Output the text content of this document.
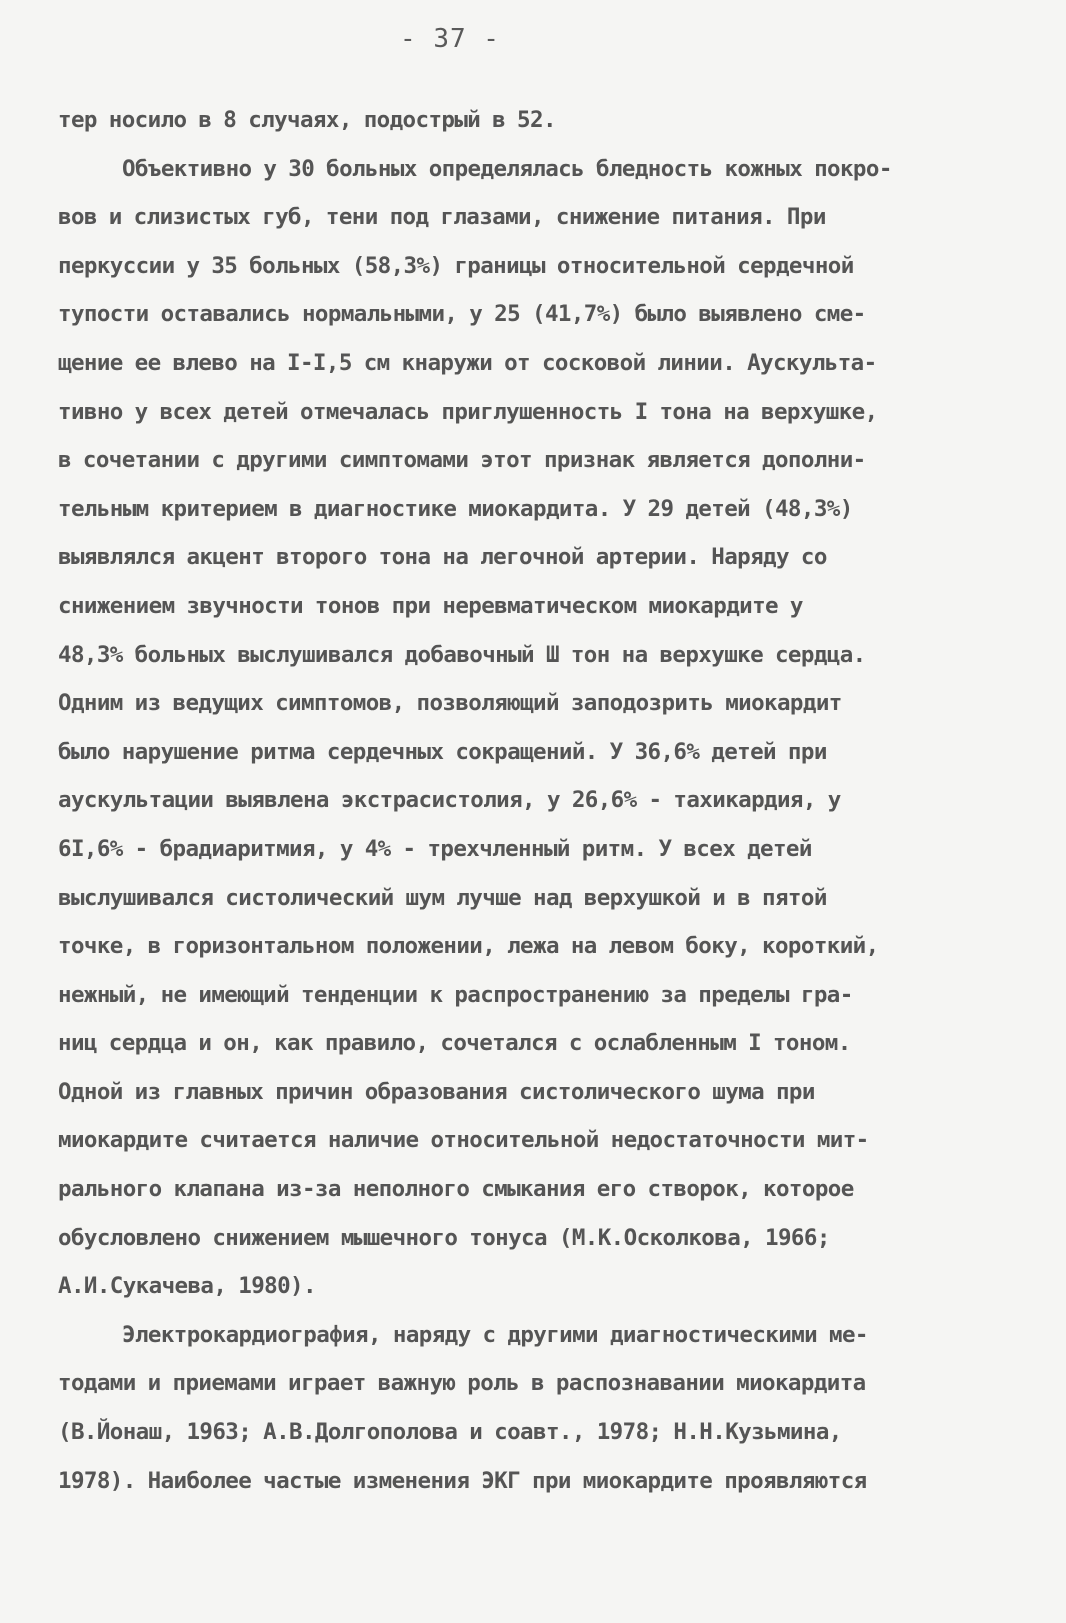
- 37 -
тер носило в 8 случаях, подострый в 52.
Объективно у 30 больных определялась бледность кожных покро-
вов и слизистых губ, тени под глазами, снижение питания. При
перкуссии у 35 больных (58,3%) границы относительной сердечной
тупости оставались нормальными, у 25 (41,7%) было выявлено сме-
щение ее влево на I-I,5 см кнаружи от сосковой линии. Аускульта-
тивно у всех детей отмечалась приглушенность I тона на верхушке,
в сочетании с другими симптомами этот признак является дополни-
тельным критерием в диагностике миокардита. У 29 детей (48,3%)
выявлялся акцент второго тона на легочной артерии. Наряду со
снижением звучности тонов при неревматическом миокардите у
48,3% больных выслушивался добавочный Ш тон на верхушке сердца.
Одним из ведущих симптомов, позволяющий заподозрить миокардит
было нарушение ритма сердечных сокращений. У 36,6% детей при
аускультации выявлена экстрасистолия, у 26,6% - тахикардия, у
6I,6% - брадиаритмия, у 4% - трехчленный ритм. У всех детей
выслушивался систолический шум лучше над верхушкой и в пятой
точке, в горизонтальном положении, лежа на левом боку, короткий,
нежный, не имеющий тенденции к распространению за пределы гра-
ниц сердца и он, как правило, сочетался с ослабленным I тоном.
Одной из главных причин образования систолического шума при
миокардите считается наличие относительной недостаточности мит-
рального клапана из-за неполного смыкания его створок, которое
обусловлено снижением мышечного тонуса (М.К.Осколкова, 1966;
А.И.Сукачева, 1980).
Электрокардиография, наряду с другими диагностическими ме-
тодами и приемами играет важную роль в распознавании миокардита
(В.Йонаш, 1963; А.В.Долгополова и соавт., 1978; Н.Н.Кузьмина,
1978). Наиболее частые изменения ЭКГ при миокардите проявляются
